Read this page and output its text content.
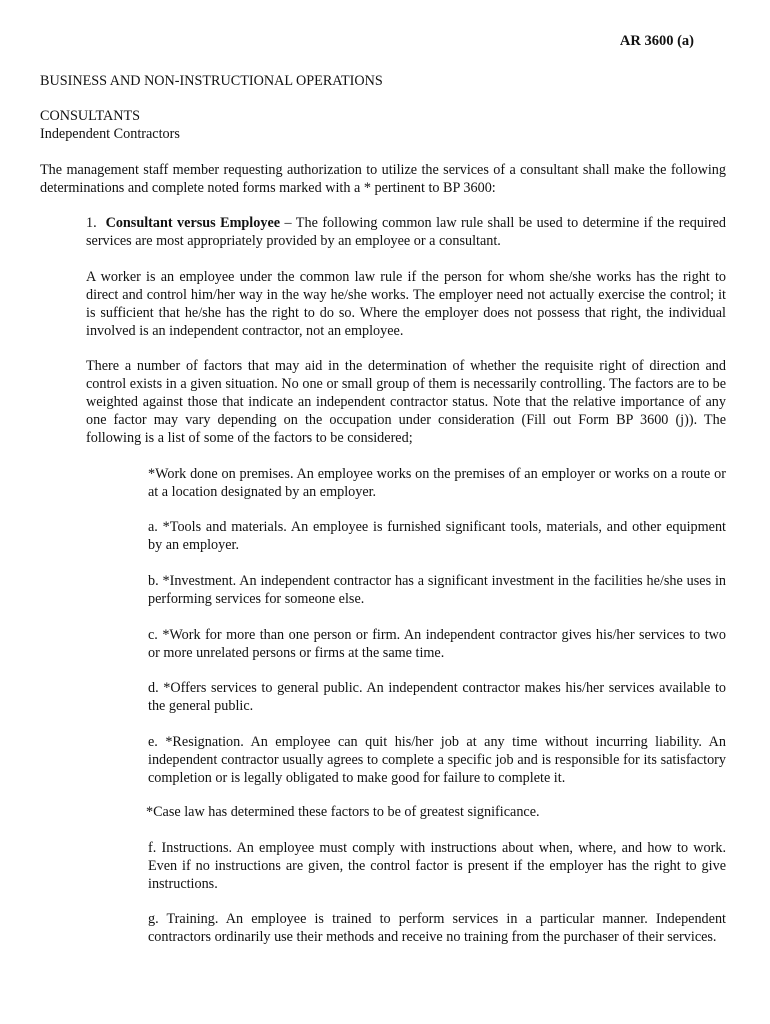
AR 3600 (a)
BUSINESS AND NON-INSTRUCTIONAL OPERATIONS
CONSULTANTS
Independent Contractors
The management staff member requesting authorization to utilize the services of a consultant shall make the following determinations and complete noted forms marked with a * pertinent to BP 3600:
1. Consultant versus Employee – The following common law rule shall be used to determine if the required services are most appropriately provided by an employee or a consultant.
A worker is an employee under the common law rule if the person for whom she/she works has the right to direct and control him/her way in the way he/she works. The employer need not actually exercise the control; it is sufficient that he/she has the right to do so. Where the employer does not possess that right, the individual involved is an independent contractor, not an employee.
There a number of factors that may aid in the determination of whether the requisite right of direction and control exists in a given situation. No one or small group of them is necessarily controlling. The factors are to be weighted against those that indicate an independent contractor status. Note that the relative importance of any one factor may vary depending on the occupation under consideration (Fill out Form BP 3600 (j)). The following is a list of some of the factors to be considered;
*Work done on premises. An employee works on the premises of an employer or works on a route or at a location designated by an employer.
a. *Tools and materials. An employee is furnished significant tools, materials, and other equipment by an employer.
b. *Investment. An independent contractor has a significant investment in the facilities he/she uses in performing services for someone else.
c. *Work for more than one person or firm. An independent contractor gives his/her services to two or more unrelated persons or firms at the same time.
d. *Offers services to general public. An independent contractor makes his/her services available to the general public.
e. *Resignation. An employee can quit his/her job at any time without incurring liability. An independent contractor usually agrees to complete a specific job and is responsible for its satisfactory completion or is legally obligated to make good for failure to complete it.
*Case law has determined these factors to be of greatest significance.
f. Instructions. An employee must comply with instructions about when, where, and how to work. Even if no instructions are given, the control factor is present if the employer has the right to give instructions.
g. Training. An employee is trained to perform services in a particular manner. Independent contractors ordinarily use their methods and receive no training from the purchaser of their services.
